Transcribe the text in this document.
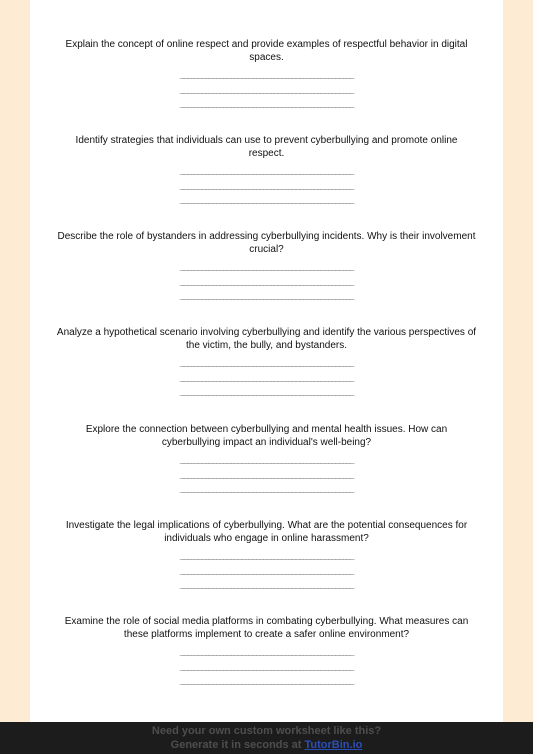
Explain the concept of online respect and provide examples of respectful behavior in digital spaces.
________________________________________________
________________________________________________
________________________________________________
Identify strategies that individuals can use to prevent cyberbullying and promote online respect.
________________________________________________
________________________________________________
________________________________________________
Describe the role of bystanders in addressing cyberbullying incidents. Why is their involvement crucial?
________________________________________________
________________________________________________
________________________________________________
Analyze a hypothetical scenario involving cyberbullying and identify the various perspectives of the victim, the bully, and bystanders.
________________________________________________
________________________________________________
________________________________________________
Explore the connection between cyberbullying and mental health issues. How can cyberbullying impact an individual's well-being?
________________________________________________
________________________________________________
________________________________________________
Investigate the legal implications of cyberbullying. What are the potential consequences for individuals who engage in online harassment?
________________________________________________
________________________________________________
________________________________________________
Examine the role of social media platforms in combating cyberbullying. What measures can these platforms implement to create a safer online environment?
________________________________________________
________________________________________________
________________________________________________
Need your own custom worksheet like this?
Generate it in seconds at TutorBin.io
